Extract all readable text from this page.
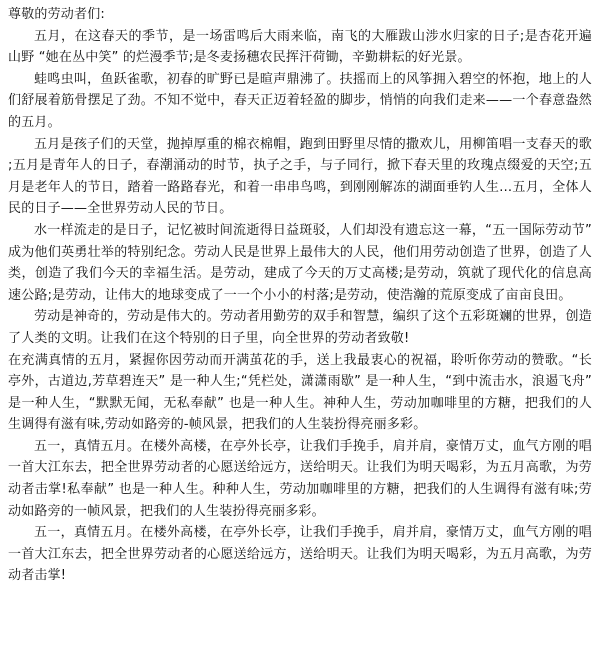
尊敬的劳动者们:

五月，在这春天的季节，是一场雷鸣后大雨来临，南飞的大雁跋山涉水归家的日子;是杏花开遍山野 “她在丛中笑” 的烂漫季节;是冬麦扬穗农民挥汗荷锄，辛勤耕耘的好光景。

蛙鸣虫叫，鱼跃雀歌，初春的旷野已是暄声鼎沸了。扶摇而上的风筝拥入碧空的怀抱，地上的人们舒展着筋骨摆足了劲。不知不觉中，春天正迈着轻盈的脚步，悄悄的向我们走来——一个春意盎然的五月。

五月是孩子们的天堂，抛掉厚重的棉衣棉帽，跑到田野里尽情的撒欢儿，用柳笛唱一支春天的歌;五月是青年人的日子，春潮涌动的时节，执子之手，与子同行，掀下春天里的玫瑰点缀爱的天空;五月是老年人的节日，踏着一路路春光，和着一串串鸟鸣，到刚刚解冻的湖面垂钓人生…五月，全体人民的日子——全世界劳动人民的节日。

水一样流走的是日子，记忆被时间流逝得日益斑驳，人们却没有遗忘这一幕，“五一国际劳动节”成为他们英勇壮举的特别纪念。劳动人民是世界上最伟大的人民，他们用劳动创造了世界，创造了人类，创造了我们今天的幸福生活。是劳动，建成了今天的万丈高楼;是劳动，筑就了现代化的信息高速公路;是劳动，让伟大的地球变成了一一个小小的村落;是劳动，使浩瀚的荒原变成了亩亩良田。

劳动是神奇的，劳动是伟大的。劳动者用勤劳的双手和智慧，编织了这个五彩斑斓的世界，创造了人类的文明。让我们在这个特别的日子里，向全世界的劳动者致敬!

在充满真情的五月，紧握你因劳动而开满茧花的手，送上我最衷心的祝福，聆听你劳动的赞歌。“长亭外，古道边,芳草碧连天” 是一种人生;“凭栏处，潇潇雨歇” 是一种人生，“到中流击水，浪遏飞舟” 是一种人生，“默默无闻，无私奉献” 也是一种人生。神种人生，劳动加咖啡里的方糖，把我们的人生调得有滋有味,劳动如路旁的-帧风景，把我们的人生装扮得亮丽多彩。

五一，真情五月。在楼外高楼，在亭外长亭，让我们手挽手，肩并肩，豪情万丈，血气方刚的唱一首大江东去，把全世界劳动者的心愿送给远方，送给明天。让我们为明天喝彩，为五月高歌，为劳动者击掌!私奉献” 也是一种人生。种种人生，劳动加咖啡里的方糖，把我们的人生调得有滋有味;劳动如路旁的一帧风景，把我们的人生装扮得亮丽多彩。

五一，真情五月。在楼外高楼，在亭外长亭，让我们手挽手，肩并肩，豪情万丈，血气方刚的唱一首大江东去，把全世界劳动者的心愿送给远方，送给明天。让我们为明天喝彩，为五月高歌，为劳动者击掌!
